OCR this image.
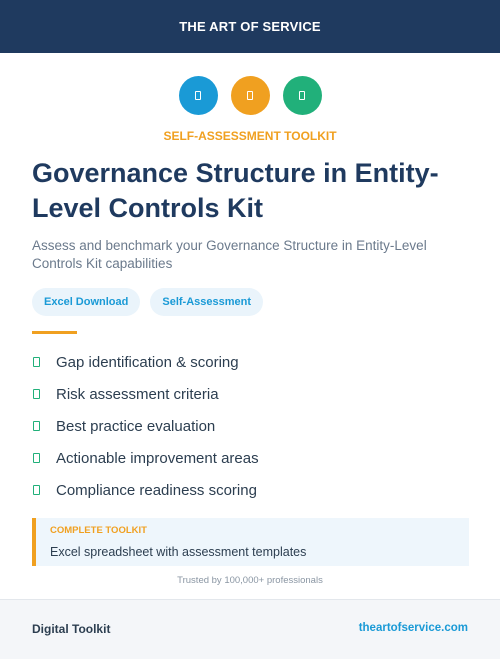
THE ART OF SERVICE
SELF-ASSESSMENT TOOLKIT
Governance Structure in Entity-Level Controls Kit

Assess and benchmark your Governance Structure in Entity-Level Controls Kit capabilities

Excel Download	Self-Assessment
Gap identification & scoring
Risk assessment criteria
Best practice evaluation
Actionable improvement areas
Compliance readiness scoring
COMPLETE TOOLKIT
Excel spreadsheet with assessment templates
Trusted by 100,000+ professionals
Digital Toolkit	theartofservice.com
